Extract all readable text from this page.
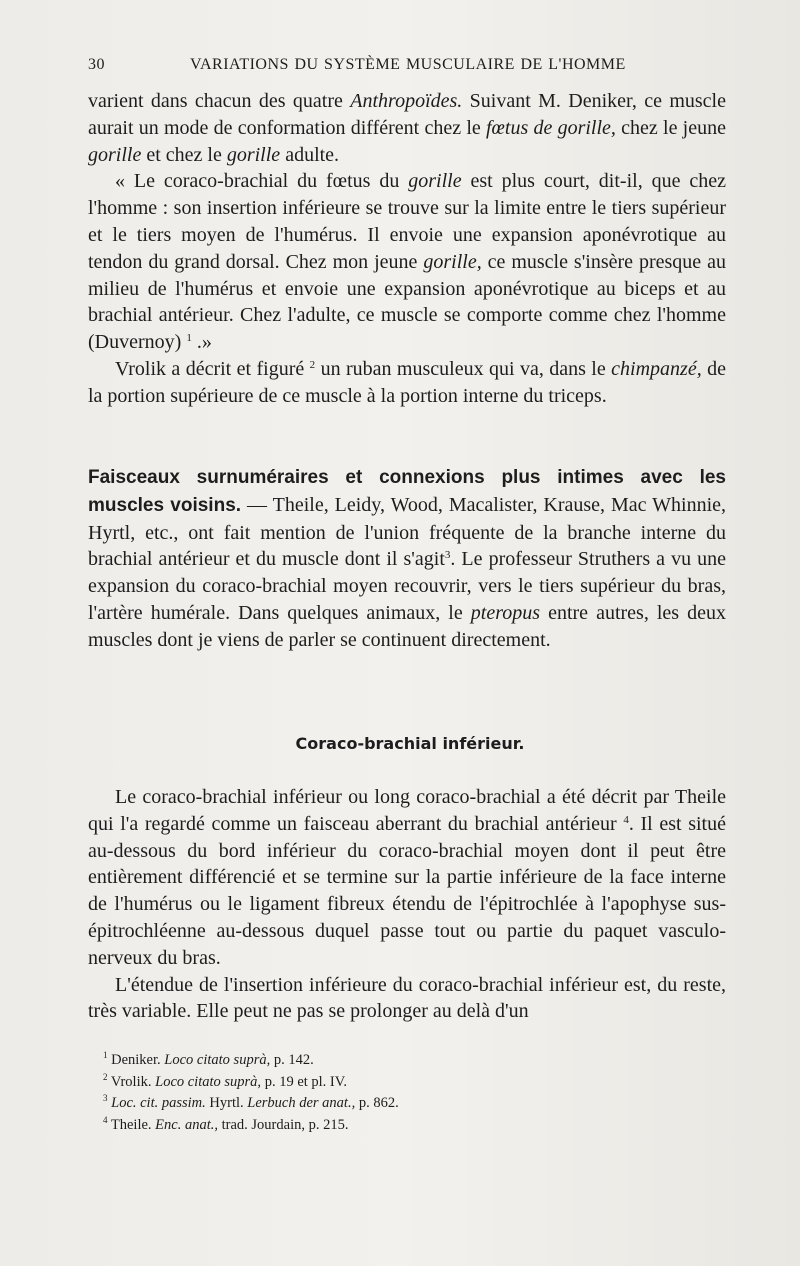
30	VARIATIONS DU SYSTÈME MUSCULAIRE DE L'HOMME

varient dans chacun des quatre Anthropoïdes. Suivant M. Deniker, ce muscle aurait un mode de conformation différent chez le fœtus de gorille, chez le jeune gorille et chez le gorille adulte.

« Le coraco-brachial du fœtus du gorille est plus court, dit-il, que chez l'homme : son insertion inférieure se trouve sur la limite entre le tiers supérieur et le tiers moyen de l'humérus. Il envoie une expansion aponévrotique au tendon du grand dorsal. Chez mon jeune gorille, ce muscle s'insère presque au milieu de l'humérus et envoie une expansion aponévrotique au biceps et au brachial antérieur. Chez l'adulte, ce muscle se comporte comme chez l'homme (Duvernoy) $^1$ .»

Vrolik a décrit et figuré $^2$ un ruban musculeux qui va, dans le chimpanzé, de la portion supérieure de ce muscle à la portion interne du triceps.

Faisceaux surnuméraires et connexions plus intimes avec les muscles voisins. — Theile, Leidy, Wood, Macalister, Krause, Mac Whinnie, Hyrtl, etc., ont fait mention de l'union fréquente de la branche interne du brachial antérieur et du muscle dont il s'agit$^3$. Le professeur Struthers a vu une expansion du coraco-brachial moyen recouvrir, vers le tiers supérieur du bras, l'artère humérale. Dans quelques animaux, le pteropus entre autres, les deux muscles dont je viens de parler se continuent directement.

Coraco-brachial inférieur.

Le coraco-brachial inférieur ou long coraco-brachial a été décrit par Theile qui l'a regardé comme un faisceau aberrant du brachial antérieur $^4$. Il est situé au-dessous du bord inférieur du coraco-brachial moyen dont il peut être entièrement différencié et se termine sur la partie inférieure de la face interne de l'humérus ou le ligament fibreux étendu de l'épitrochlée à l'apophyse sus-épitrochléenne au-dessous duquel passe tout ou partie du paquet vasculo-nerveux du bras.

L'étendue de l'insertion inférieure du coraco-brachial inférieur est, du reste, très variable. Elle peut ne pas se prolonger au delà d'un

$^1$ Deniker. Loco citato suprà, p. 142.

$^2$ Vrolik. Loco citato suprà, p. 19 et pl. IV.

$^3$ Loc. cit. passim. Hyrtl. Lerbuch der anat., p. 862.

$^4$ Theile. Enc. anat., trad. Jourdain, p. 215.
